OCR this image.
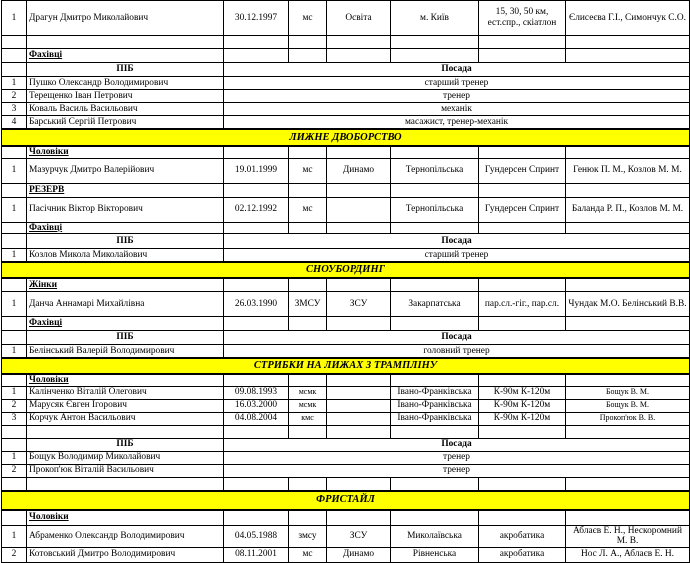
1	Драгун Дмитро Миколайович	30.12.1997	мс	Освіта	м. Київ	15, 30, 50 км, ест.спр., скіатлон	Єлисеєва Г.І., Симончук С.О.

	Фахівці						
	ПІБ	Посада					
1	Пушко Олександр Володимирович	старший тренер					
2	Терещенко Іван Петрович	тренер					
3	Коваль Василь Васильович	механік					
4	Барський Сергій Петрович	масажист, тренер-механік					
ЛИЖНЕ ДВОБОРСТВО							
	Чоловіки						
1	Мазурчук Дмитро Валерійович	19.01.1999	мс	Динамо	Тернопільська	Гундерсен Спринт	Генюк П. М., Козлов М. М.
	РЕЗЕРВ						
1	Пасічник Віктор Вікторович	02.12.1992	мс		Тернопільська	Гундерсен Спринт	Баланда Р. П., Козлов М. М.
	Фахівці						
	ПІБ	Посада					
1	Козлов Микола Миколайович	старший тренер					
СНОУБОРДИНГ							
	Жінки						
1	Данча Аннамарі Михайлівна	26.03.1990	ЗМСУ	ЗСУ	Закарпатська	пар.сл.-гіг., пар.сл.	Чундак М.О. Белінський В.В.
	Фахівці						
	ПІБ	Посада					
1	Белінський Валерій Володимирович	головний тренер					
СТРИБКИ НА ЛИЖАХ З ТРАМПЛІНУ							
	Чоловіки						
1	Калінченко Віталій Олегович	09.08.1993	мсмк		Івано-Франківська	К-90м К-120м	Бощук В. М.
2	Марусяк Євген Ігорович	16.03.2000	мсмк		Івано-Франківська	К-90м К-120м	Бощук В. М.
3	Корчук Антон Васильович	04.08.2004	кмс		Івано-Франківська	К-90м К-120м	Прокоп'юк В. В.

	ПІБ	Посада					
1	Бощук Володимир Миколайович	тренер					
2	Прокоп'юк Віталій Васильович	тренер					

ФРИСТАЙЛ							
	Чоловіки						
1	Абраменко Олександр Володимирович	04.05.1988	змсу	ЗСУ	Миколаївська	акробатика	Аблаєв Е. Н., Нескоромний М. В.
2	Котовський Дмитро Володимирович	08.11.2001	мс	Динамо	Рівненська	акробатика	Нос Л. А., Аблаєв Е. Н.
